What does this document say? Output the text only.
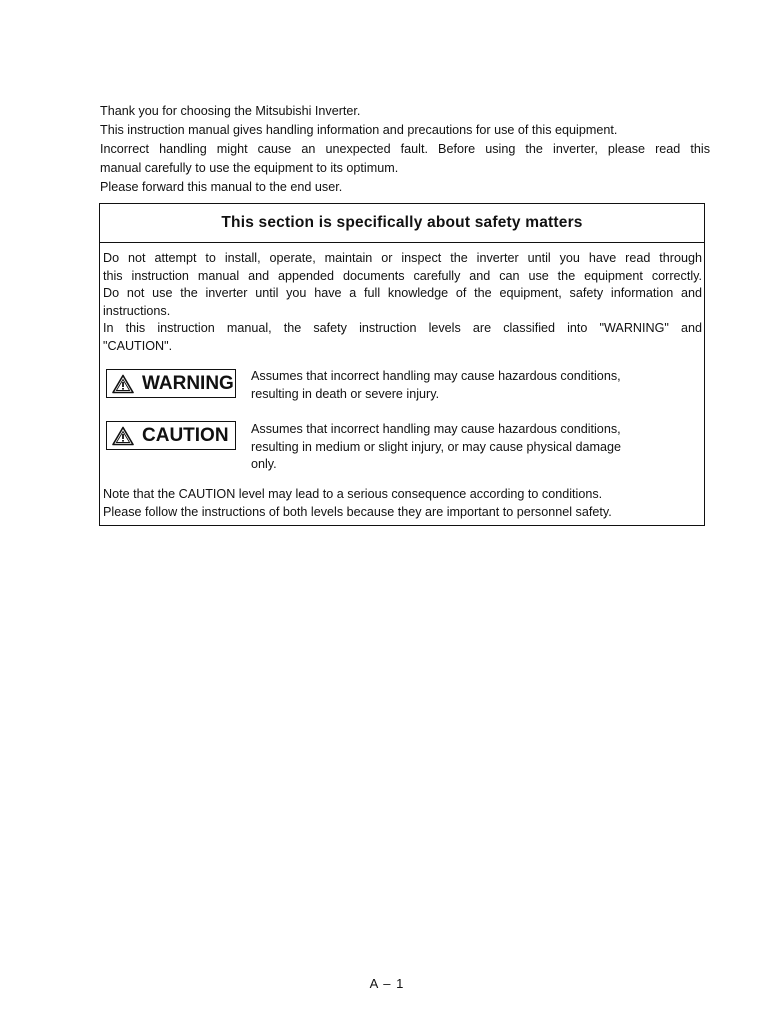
Thank you for choosing the Mitsubishi Inverter.
This instruction manual gives handling information and precautions for use of this equipment.
Incorrect handling might cause an unexpected fault. Before using the inverter, please read this
manual carefully to use the equipment to its optimum.
Please forward this manual to the end user.
This section is specifically about safety matters
Do not attempt to install, operate, maintain or inspect the inverter until you have read through
this instruction manual and appended documents carefully and can use the equipment correctly.
Do not use the inverter until you have a full knowledge of the equipment, safety information and
instructions.
In this instruction manual, the safety instruction levels are classified into "WARNING" and
"CAUTION".
WARNING Assumes that incorrect handling may cause hazardous conditions,
resulting in death or severe injury.
CAUTION Assumes that incorrect handling may cause hazardous conditions,
resulting in medium or slight injury, or may cause physical damage
only.
Note that the CAUTION level may lead to a serious consequence according to conditions.
Please follow the instructions of both levels because they are important to personnel safety.
A – 1
